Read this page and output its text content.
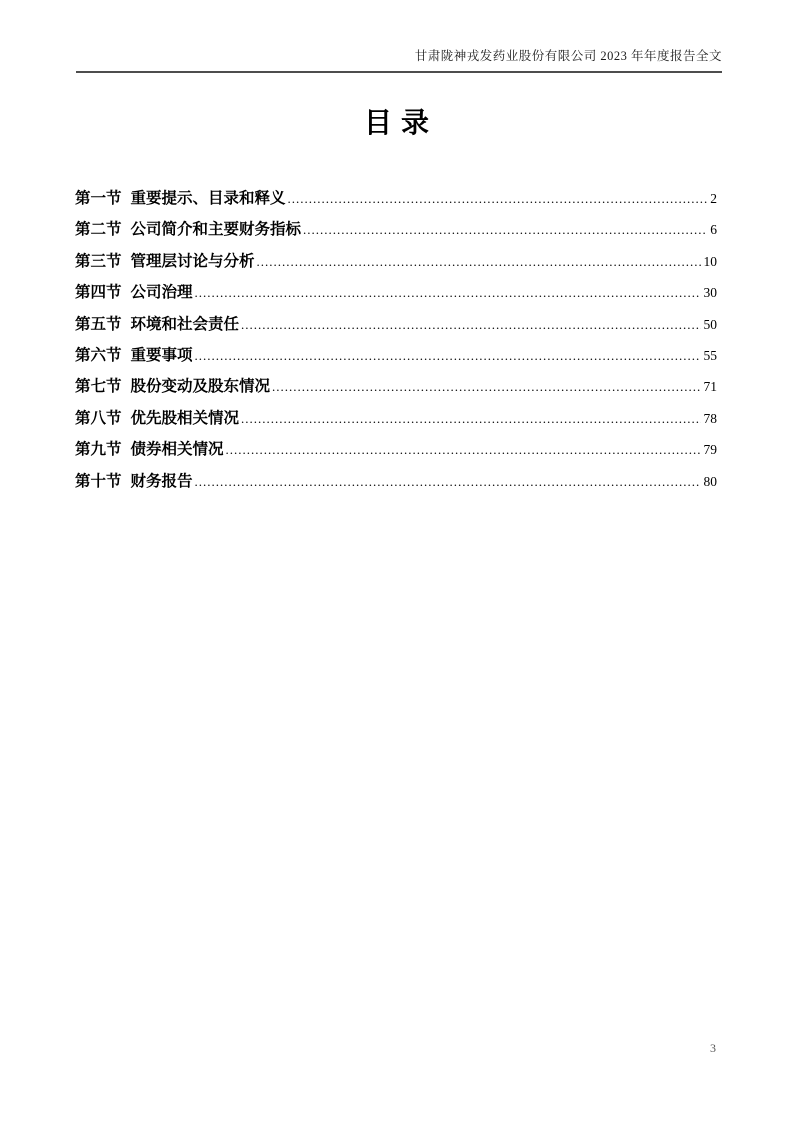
甘肃陇神戎发药业股份有限公司 2023 年年度报告全文
目录
第一节 重要提示、目录和释义 .....	2
第二节 公司简介和主要财务指标 .....	6
第三节 管理层讨论与分析 .....	10
第四节 公司治理 .....	30
第五节 环境和社会责任 .....	50
第六节 重要事项 .....	55
第七节 股份变动及股东情况 .....	71
第八节 优先股相关情况 .....	78
第九节 债券相关情况 .....	79
第十节 财务报告 .....	80
3
